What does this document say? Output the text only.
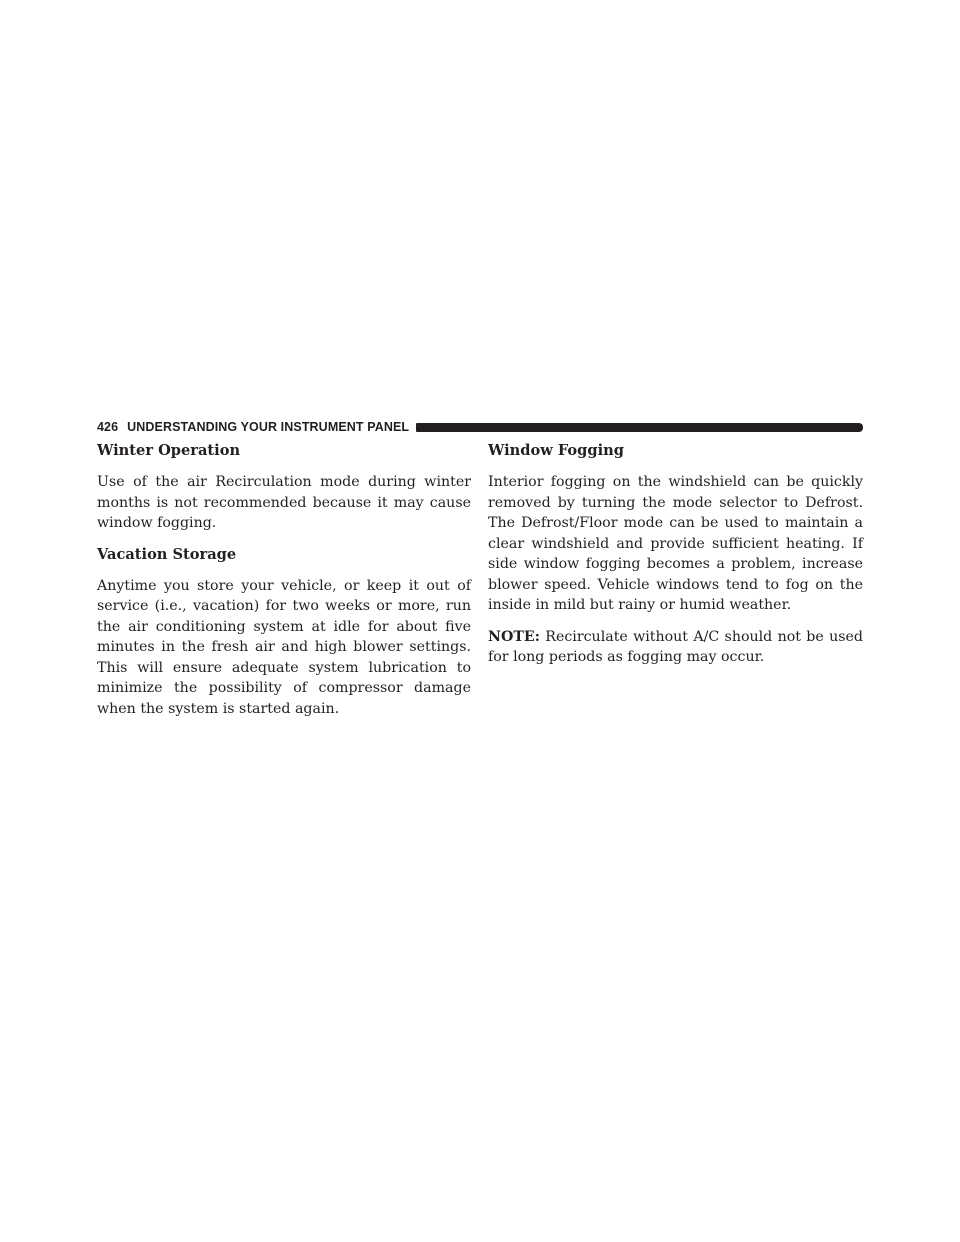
426 UNDERSTANDING YOUR INSTRUMENT PANEL
Winter Operation

Use of the air Recirculation mode during winter months is not recommended because it may cause window fogging.

Vacation Storage

Anytime you store your vehicle, or keep it out of service (i.e., vacation) for two weeks or more, run the air conditioning system at idle for about five minutes in the fresh air and high blower settings. This will ensure adequate system lubrication to minimize the possibility of compressor damage when the system is started again.

Window Fogging

Interior fogging on the windshield can be quickly removed by turning the mode selector to Defrost. The Defrost/Floor mode can be used to maintain a clear windshield and provide sufficient heating. If side window fogging becomes a problem, increase blower speed. Vehicle windows tend to fog on the inside in mild but rainy or humid weather.

NOTE: Recirculate without A/C should not be used for long periods as fogging may occur.
